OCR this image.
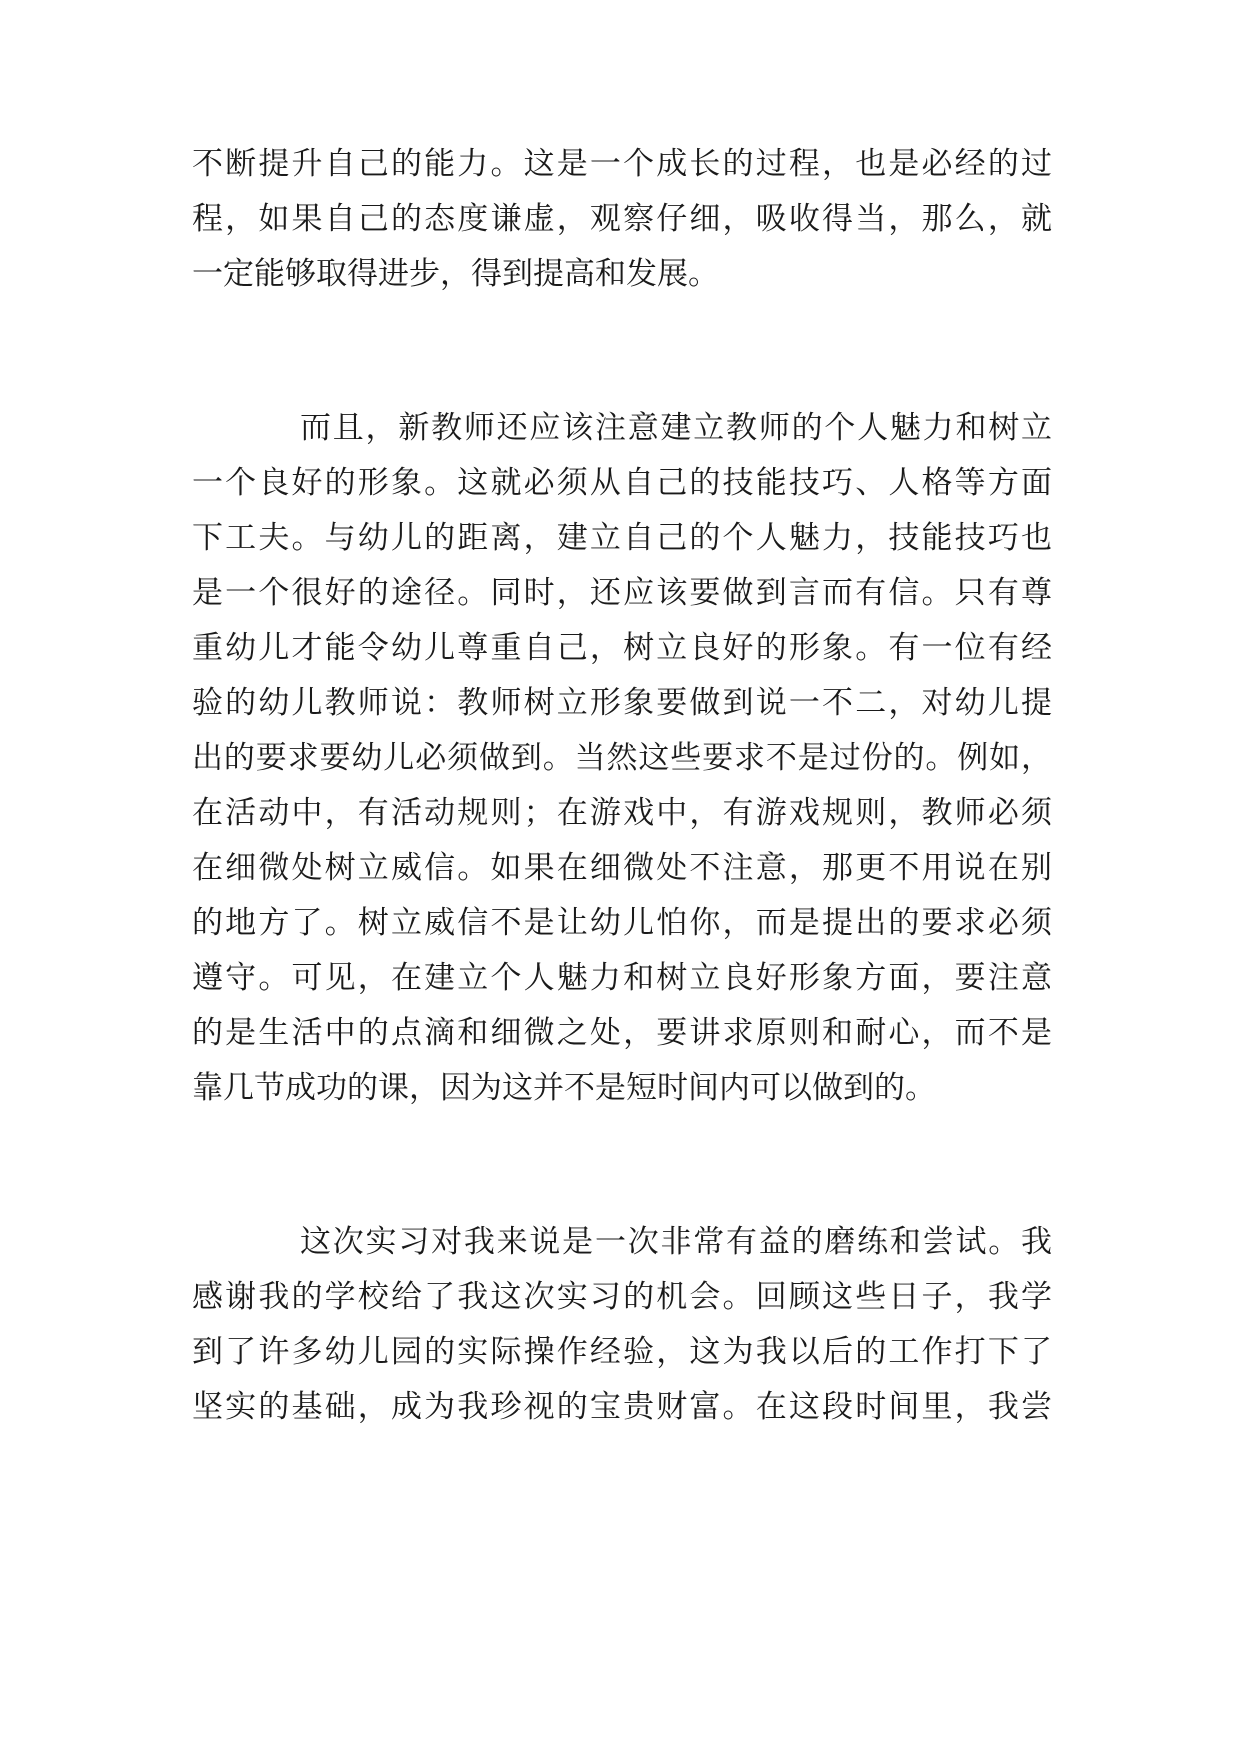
不断提升自己的能力。这是一个成长的过程，也是必经的过
程，如果自己的态度谦虚，观察仔细，吸收得当，那么，就
一定能够取得进步，得到提高和发展。
而且，新教师还应该注意建立教师的个人魅力和树立
一个良好的形象。这就必须从自己的技能技巧、人格等方面
下工夫。与幼儿的距离，建立自己的个人魅力，技能技巧也
是一个很好的途径。同时，还应该要做到言而有信。只有尊
重幼儿才能令幼儿尊重自己，树立良好的形象。有一位有经
验的幼儿教师说：教师树立形象要做到说一不二，对幼儿提
出的要求要幼儿必须做到。当然这些要求不是过份的。例如，
在活动中，有活动规则；在游戏中，有游戏规则，教师必须
在细微处树立威信。如果在细微处不注意，那更不用说在别
的地方了。树立威信不是让幼儿怕你，而是提出的要求必须
遵守。可见，在建立个人魅力和树立良好形象方面，要注意
的是生活中的点滴和细微之处，要讲求原则和耐心，而不是
靠几节成功的课，因为这并不是短时间内可以做到的。
这次实习对我来说是一次非常有益的磨练和尝试。我
感谢我的学校给了我这次实习的机会。回顾这些日子，我学
到了许多幼儿园的实际操作经验，这为我以后的工作打下了
坚实的基础，成为我珍视的宝贵财富。在这段时间里，我尝
